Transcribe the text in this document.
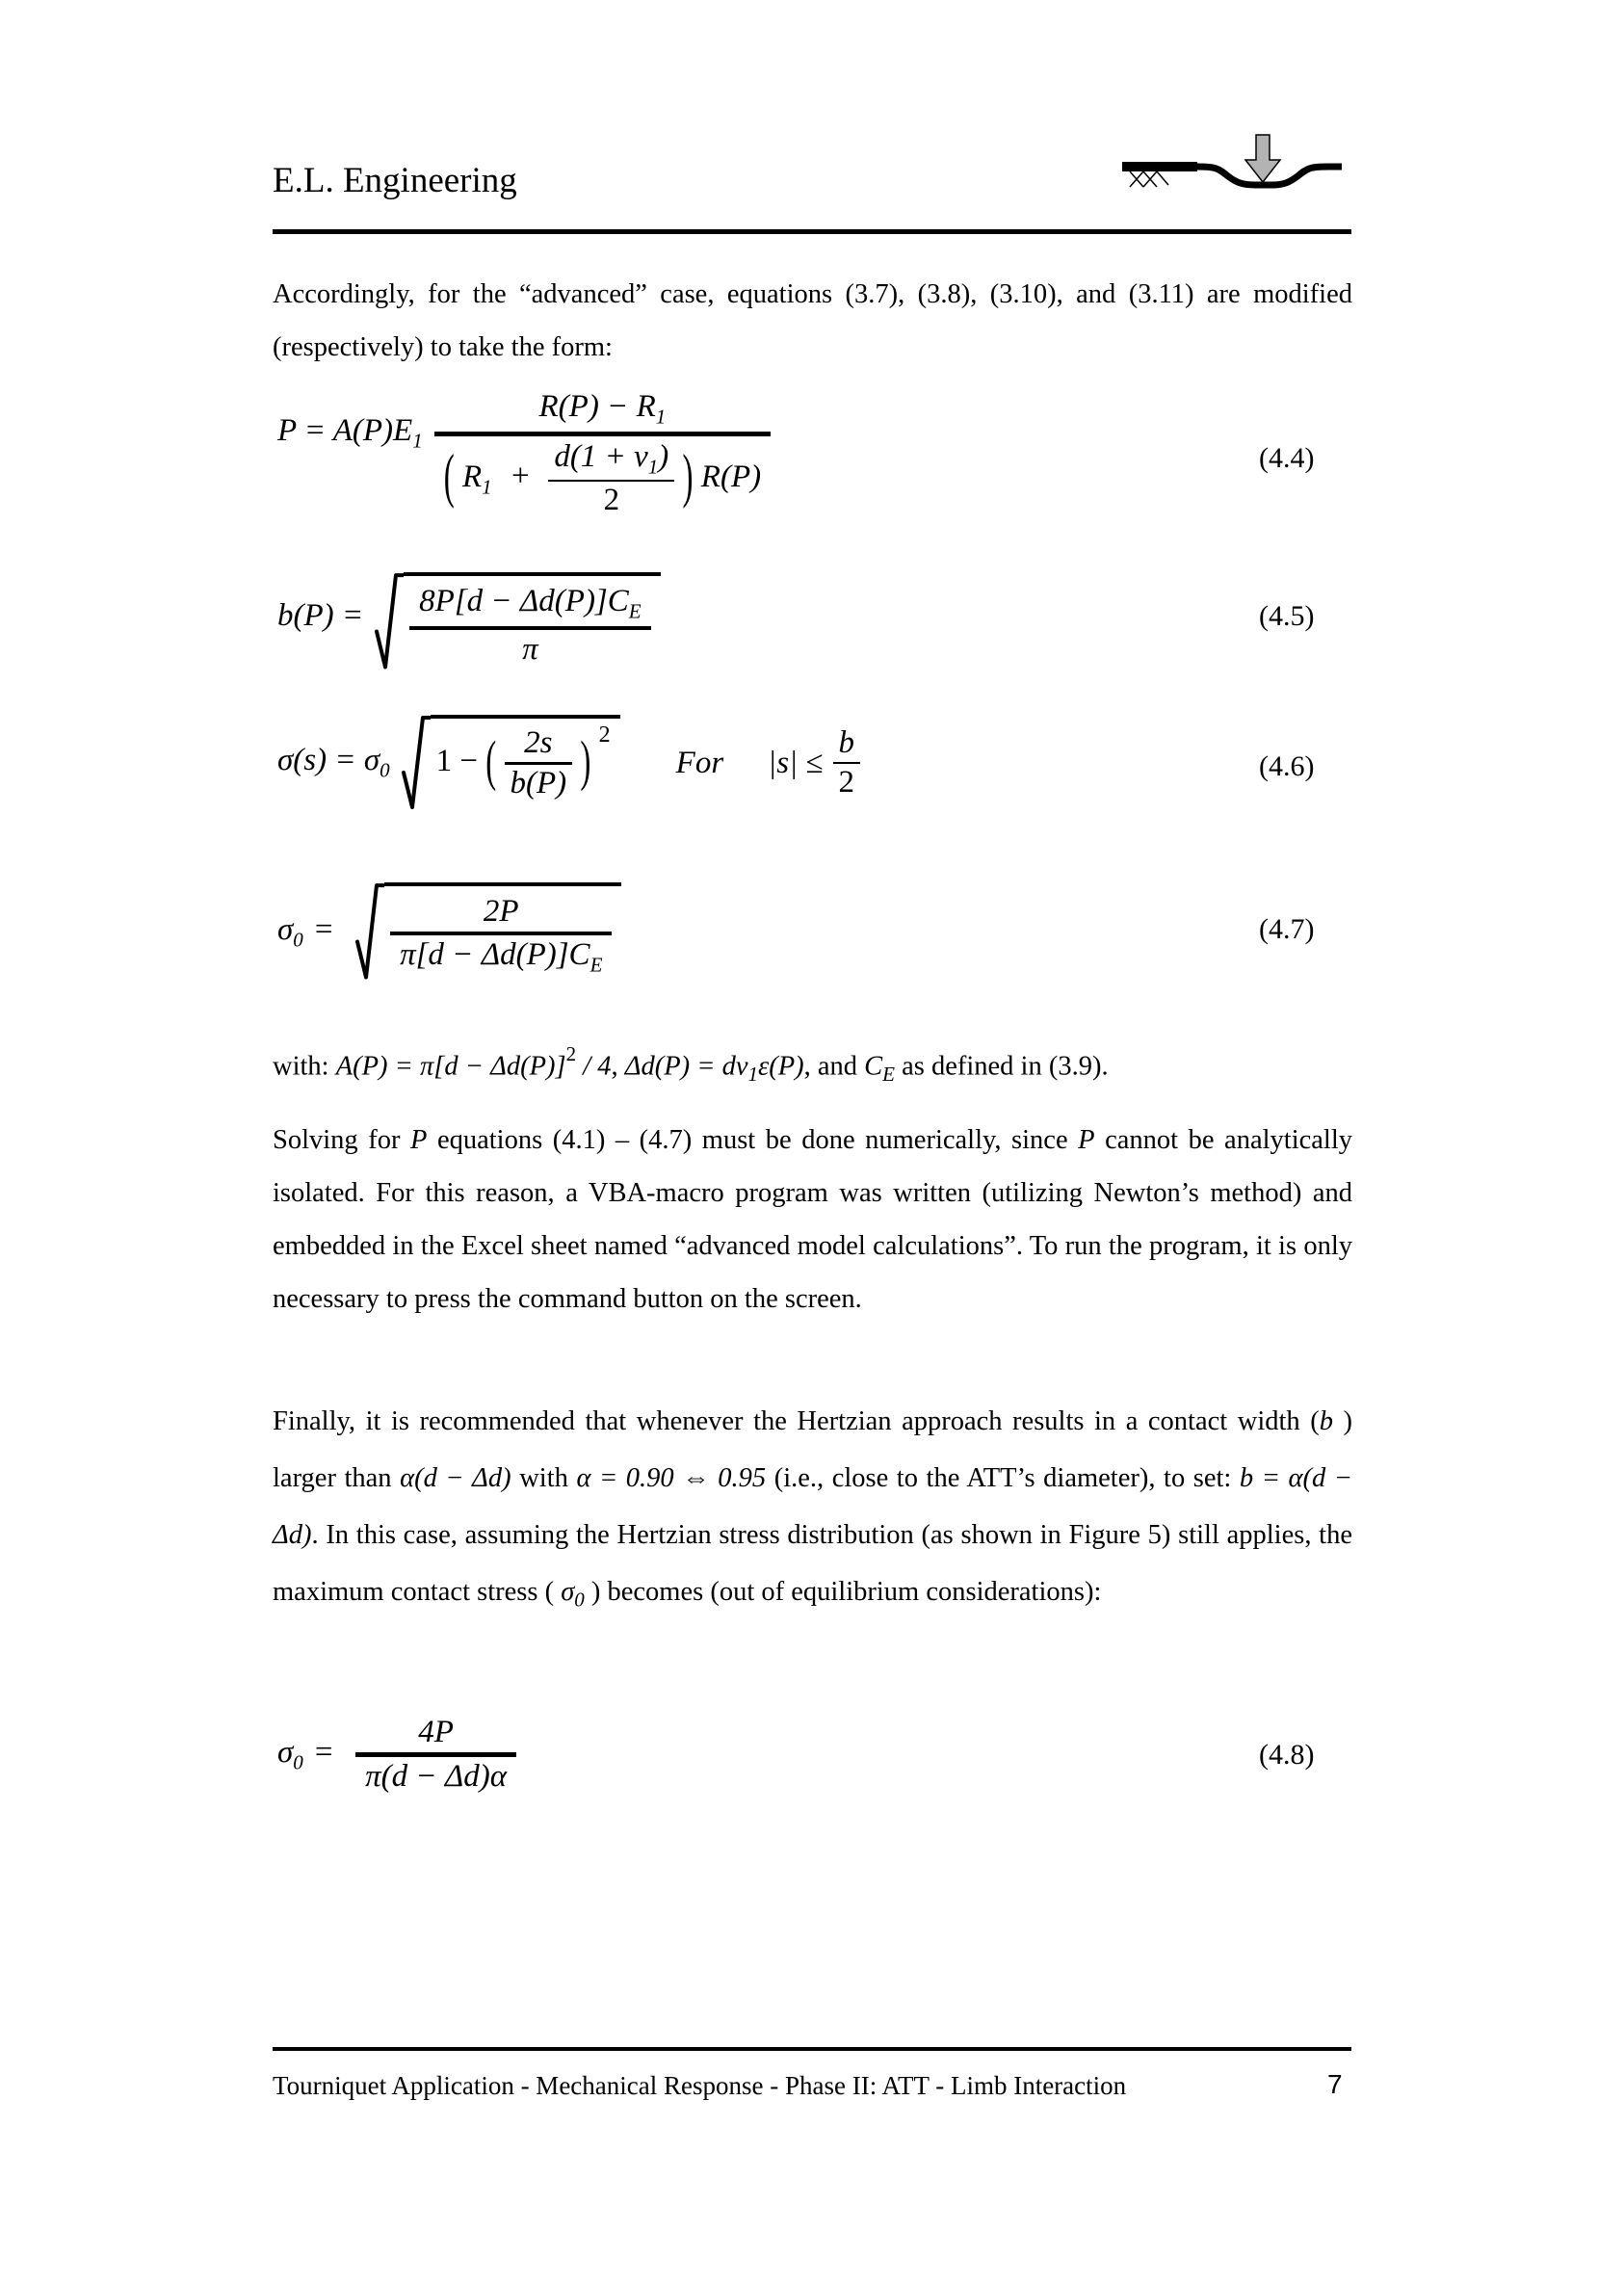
E.L. Engineering

Accordingly, for the “advanced” case, equations (3.7), (3.8), (3.10), and (3.11) are modified (respectively) to take the form:

$P = A(P)E_1$
$R(P) - R_1$
( $R_1 + \frac{d(1 + \nu_1)}{2}$ ) R(P)
(4.4)
$b(P) = \frac{8P[d - \Delta d(P)]C_E}{\pi}$	(4.5)
$\sigma(s) = \sigma_0$ 1 − ( $\frac{2s}{b(P)}$ ) $^2$
For $|s| \le \frac{b}{2}$	(4.6)
$\sigma_0$ =	$\frac{2P}{\pi[d - \Delta d(P)]C_E}$	(4.7)

with: $A(P) = \pi[d - \Delta d(P)]^2 / 4$, $\Delta d(P) = d\nu_1\varepsilon(P)$, and $C_E$ as defined in (3.9).

Solving for P equations (4.1) – (4.7) must be done numerically, since P cannot be analytically isolated. For this reason, a VBA-macro program was written (utilizing Newton’s method) and embedded in the Excel sheet named “advanced model calculations”. To run the program, it is only necessary to press the command button on the screen.

Finally, it is recommended that whenever the Hertzian approach results in a contact width (b ) larger than α(d − Δd) with α = 0.90 ⇔ 0.95 (i.e., close to the ATT’s diameter), to set: b = α(d − Δd). In this case, assuming the Hertzian stress distribution (as shown in Figure 5) still applies, the maximum contact stress ( $\sigma_0$ ) becomes (out of equilibrium considerations):

$\sigma_0$ =
4P
π(d − Δd)α
(4.8)
Tourniquet Application - Mechanical Response - Phase II: ATT - Limb Interaction	7
